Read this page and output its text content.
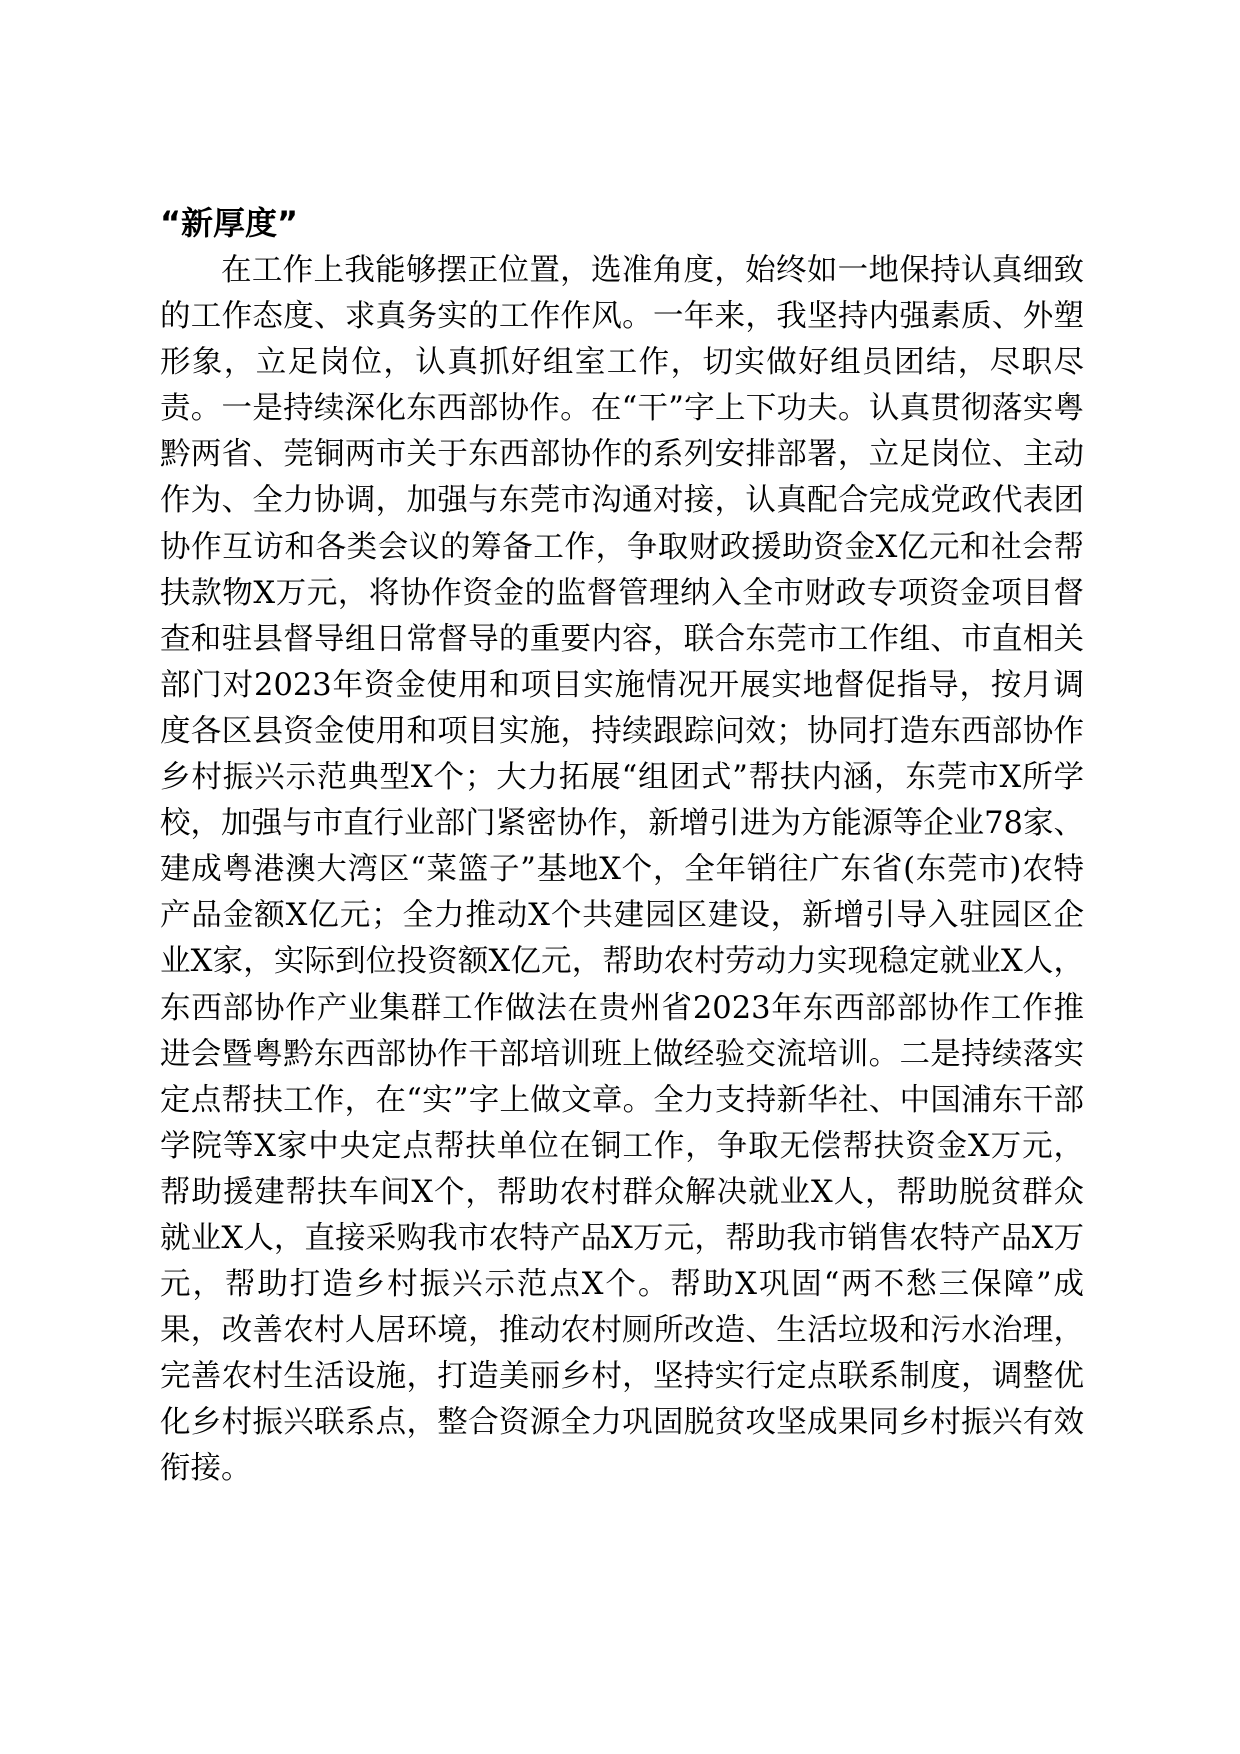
“新厚度”

在工作上我能够摆正位置，选准角度，始终如一地保持认真细致的工作态度、求真务实的工作作风。一年来，我坚持内强素质、外塑形象，立足岗位，认真抓好组室工作，切实做好组员团结，尽职尽责。一是持续深化东西部协作。在“干”字上下功夫。认真贯彻落实粤黔两省、莞铜两市关于东西部协作的系列安排部署，立足岗位、主动作为、全力协调，加强与东莞市沟通对接，认真配合完成党政代表团协作互访和各类会议的筹备工作，争取财政援助资金X亿元和社会帮扶款物X万元，将协作资金的监督管理纳入全市财政专项资金项目督查和驻县督导组日常督导的重要内容，联合东莞市工作组、市直相关部门对2023年资金使用和项目实施情况开展实地督促指导，按月调度各区县资金使用和项目实施，持续跟踪问效；协同打造东西部协作乡村振兴示范典型X个；大力拓展“组团式”帮扶内涵，东莞市X所学校，加强与市直行业部门紧密协作，新增引进为方能源等企业78家、建成粤港澳大湾区“菜篮子”基地X个，全年销往广东省(东莞市)农特产品金额X亿元；全力推动X个共建园区建设，新增引导入驻园区企业X家，实际到位投资额X亿元，帮助农村劳动力实现稳定就业X人，东西部协作产业集群工作做法在贵州省2023年东西部部协作工作推进会暨粤黔东西部协作干部培训班上做经验交流培训。二是持续落实定点帮扶工作，在“实”字上做文章。全力支持新华社、中国浦东干部学院等X家中央定点帮扶单位在铜工作，争取无偿帮扶资金X万元，帮助援建帮扶车间X个，帮助农村群众解决就业X人，帮助脱贫群众就业X人，直接采购我市农特产品X万元，帮助我市销售农特产品X万元，帮助打造乡村振兴示范点X个。帮助X巩固“两不愁三保障”成果，改善农村人居环境，推动农村厕所改造、生活垃圾和污水治理，完善农村生活设施，打造美丽乡村，坚持实行定点联系制度，调整优化乡村振兴联系点，整合资源全力巩固脱贫攻坚成果同乡村振兴有效衔接。
